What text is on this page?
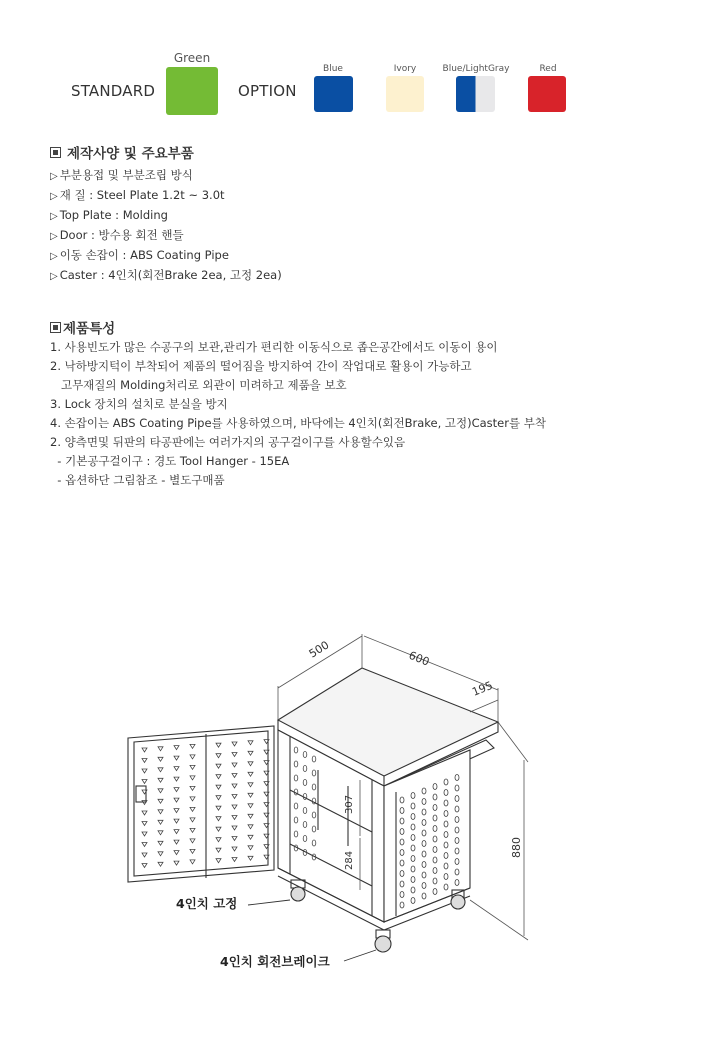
STANDARD
Green
OPTION
Blue	Ivory	Blue/LightGray	Red
제작사양 및 주요부품
▷ 부분용접 및 부분조립 방식
▷ 재 질 : Steel Plate 1.2t ~ 3.0t
▷ Top Plate : Molding
▷ Door : 방수용 회전 핸들
▷ 이동 손잡이 : ABS Coating Pipe
▷ Caster : 4인치(회전Brake 2ea, 고정 2ea)
제품특성
1. 사용빈도가 많은 수공구의 보관,관리가 편리한 이동식으로 좁은공간에서도 이동이 용이
2. 낙하방지턱이 부착되어 제품의 떨어짐을 방지하여 간이 작업대로 활용이 가능하고
고무재질의 Molding처리로 외관이 미려하고 제품을 보호
3. Lock 장치의 설치로 분실을 방지
4. 손잡이는 ABS Coating Pipe를 사용하였으며, 바닥에는 4인치(회전Brake, 고정)Caster를 부착
2. 양측면및 뒤판의 타공판에는 여러가지의 공구걸이구를 사용할수있음
- 기본공구걸이구 : 경도 Tool Hanger - 15EA
- 옵션하단 그림참조 - 별도구매품
500	600
195
880
307
284
4인치 고정
4인치 회전브레이크
